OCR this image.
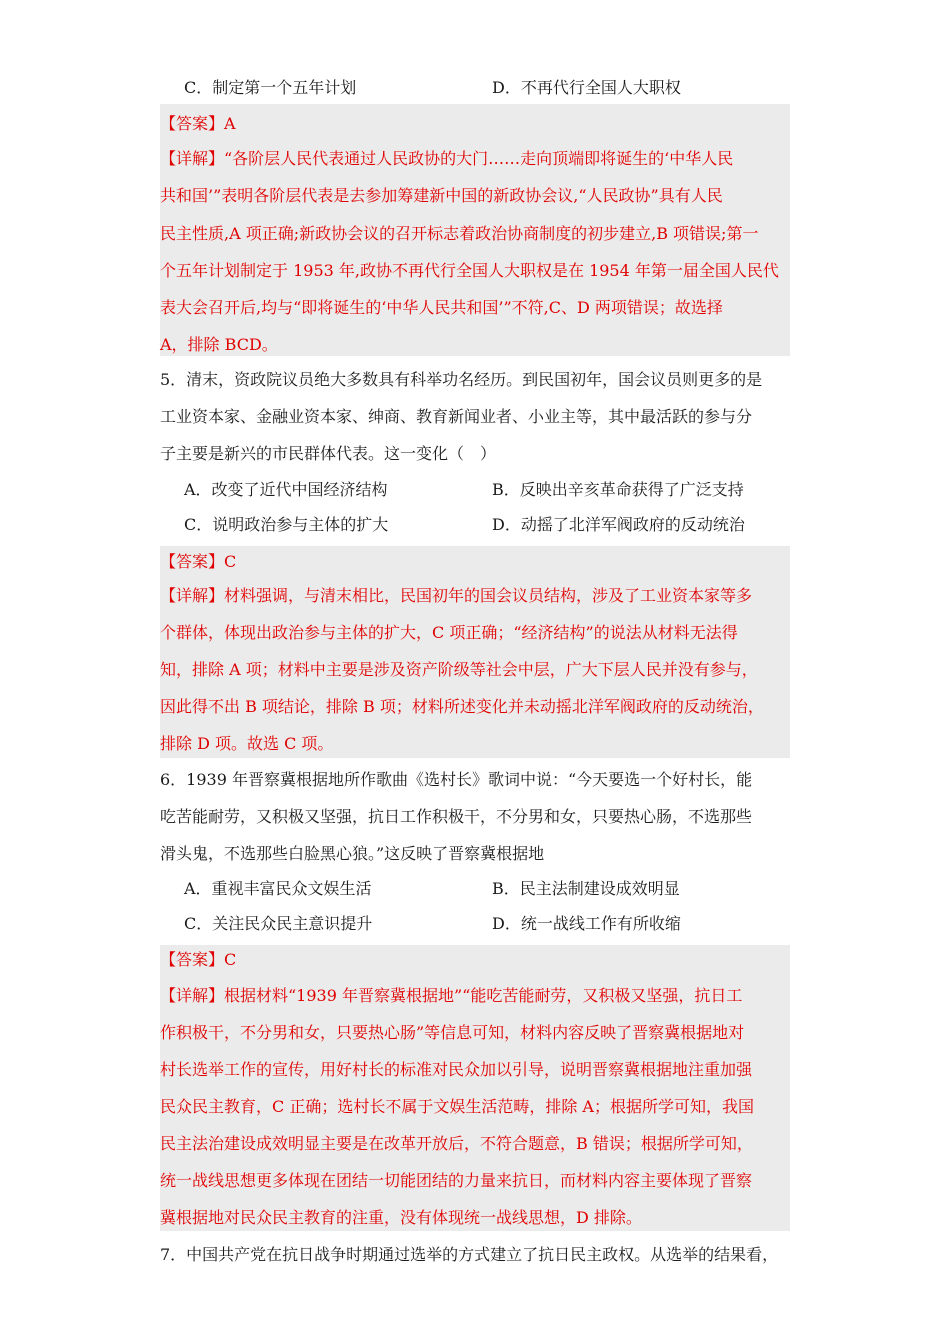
C．制定第一个五年计划	D．不再代行全国人大职权
【答案】A
【详解】“各阶层人民代表通过人民政协的大门……走向顶端即将诞生的‘中华人民
共和国’”表明各阶层代表是去参加筹建新中国的新政协会议,“人民政协”具有人民
民主性质,A 项正确;新政协会议的召开标志着政治协商制度的初步建立,B 项错误;第一
个五年计划制定于 1953 年,政协不再代行全国人大职权是在 1954 年第一届全国人民代
表大会召开后,均与“即将诞生的‘中华人民共和国’”不符,C、D 两项错误；故选择
A，排除 BCD。
5．清末，资政院议员绝大多数具有科举功名经历。到民国初年，国会议员则更多的是
工业资本家、金融业资本家、绅商、教育新闻业者、小业主等，其中最活跃的参与分
子主要是新兴的市民群体代表。这一变化（　）
A．改变了近代中国经济结构	B．反映出辛亥革命获得了广泛支持
C．说明政治参与主体的扩大	D．动摇了北洋军阀政府的反动统治
【答案】C
【详解】材料强调，与清末相比，民国初年的国会议员结构，涉及了工业资本家等多
个群体，体现出政治参与主体的扩大，C 项正确；“经济结构”的说法从材料无法得
知，排除 A 项；材料中主要是涉及资产阶级等社会中层，广大下层人民并没有参与，
因此得不出 B 项结论，排除 B 项；材料所述变化并未动摇北洋军阀政府的反动统治，
排除 D 项。故选 C 项。
6．1939 年晋察冀根据地所作歌曲《选村长》歌词中说：“今天要选一个好村长，能
吃苦能耐劳，又积极又坚强，抗日工作积极干，不分男和女，只要热心肠，不选那些
滑头鬼，不选那些白脸黑心狼。”这反映了晋察冀根据地
A．重视丰富民众文娱生活	B．民主法制建设成效明显
C．关注民众民主意识提升	D．统一战线工作有所收缩
【答案】C
【详解】根据材料“1939 年晋察冀根据地”“能吃苦能耐劳，又积极又坚强，抗日工
作积极干，不分男和女，只要热心肠”等信息可知，材料内容反映了晋察冀根据地对
村长选举工作的宣传，用好村长的标准对民众加以引导，说明晋察冀根据地注重加强
民众民主教育，C 正确；选村长不属于文娱生活范畴，排除 A；根据所学可知，我国
民主法治建设成效明显主要是在改革开放后，不符合题意，B 错误；根据所学可知，
统一战线思想更多体现在团结一切能团结的力量来抗日，而材料内容主要体现了晋察
冀根据地对民众民主教育的注重，没有体现统一战线思想，D 排除。
7．中国共产党在抗日战争时期通过选举的方式建立了抗日民主政权。从选举的结果看，
